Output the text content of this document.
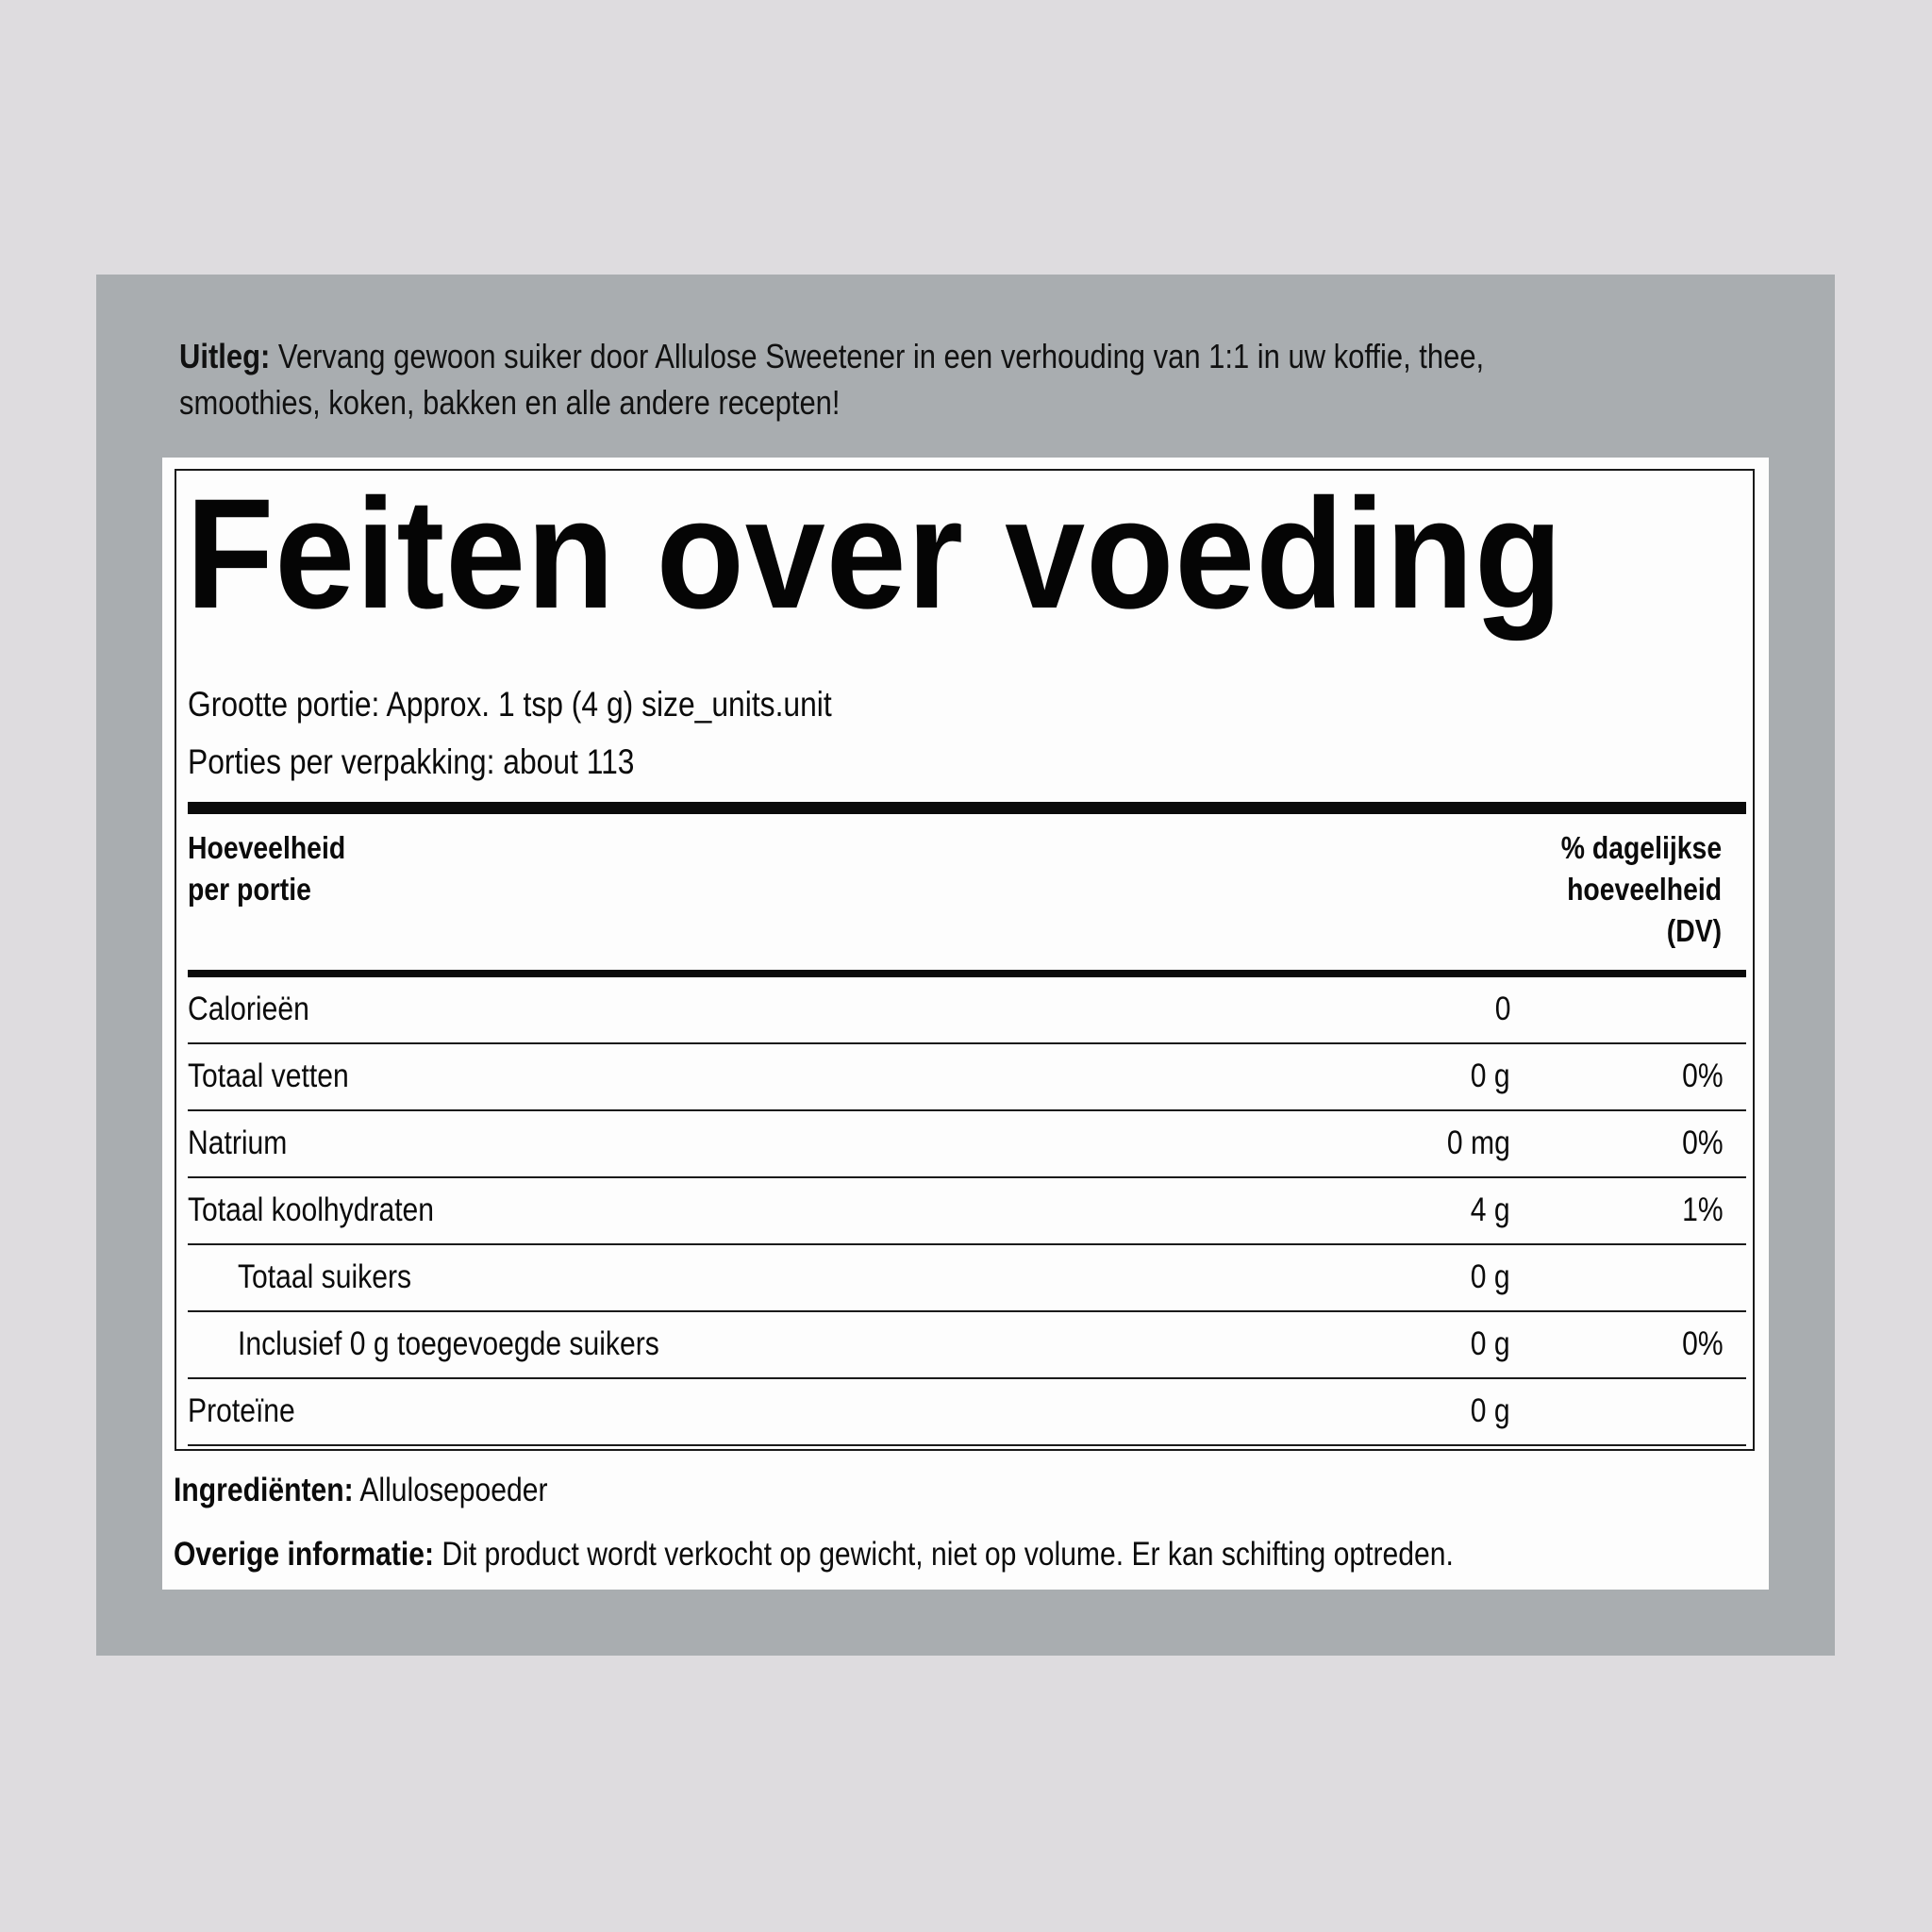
Uitleg: Vervang gewoon suiker door Allulose Sweetener in een verhouding van 1:1 in uw koffie, thee,
smoothies, koken, bakken en alle andere recepten!
Feiten over voeding
Grootte portie: Approx. 1 tsp (4 g) size_units.unit
Porties per verpakking: about 113
Hoeveelheid
per portie
% dagelijkse
hoeveelheid
(DV)
Calorieën	0
Totaal vetten	0 g	0%
Natrium	0 mg	0%
Totaal koolhydraten	4 g	1%
Totaal suikers	0 g
Inclusief 0 g toegevoegde suikers	0 g	0%
Proteïne	0 g
Ingrediënten: Allulosepoeder
Overige informatie: Dit product wordt verkocht op gewicht, niet op volume. Er kan schifting optreden.
